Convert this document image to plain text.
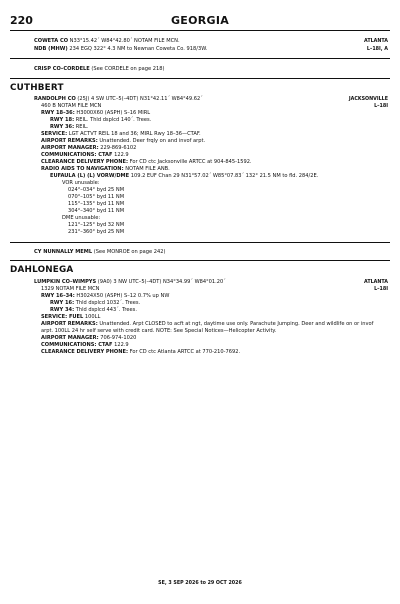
220	GEORGIA
COWETA CO N33°15.42´ W84°42.80´ NOTAM FILE MCN.
NDB (MHW) 234 EGQ 322° 4.3 NM to Newnan Coweta Co. 918/3W.
ATLANTA
L–18I, A
CRISP CO–CORDELE (See CORDELE on page 218)
CUTHBERT
RANDOLPH CO (25J) 4 SW UTC–5(–4DT) N31°42.11´ W84°49.62´	JACKSONVILLE
460 B NOTAM FILE MCN	L–18I
RWY 18–36: H3000X60 (ASPH) S–16 MIRL
RWY 18: REIL. Thld dsplcd 140´. Trees.
RWY 36: REIL.
SERVICE: LGT ACTVT REIL 18 and 36; MIRL Rwy 18–36—CTAF.
AIRPORT REMARKS: Unattended. Deer frqly on and invof arpt.
AIRPORT MANAGER: 229-869-6102
COMMUNICATIONS: CTAF 122.9
CLEARANCE DELIVERY PHONE: For CD ctc Jacksonville ARTCC at 904-845-1592.
RADIO AIDS TO NAVIGATION: NOTAM FILE ANB.
EUFAULA (L) (L) VORW/DME 109.2 EUF Chan 29 N31°57.02´ W85°07.83´ 132° 21.5 NM to fld. 284/2E.
VOR unusable:
024°–034° byd 25 NM
070°–105° byd 11 NM
115°–135° byd 11 NM
304°–340° byd 11 NM
DME unusable:
121°–125° byd 32 NM
231°–360° byd 25 NM
CY NUNNALLY MEML (See MONROE on page 242)
DAHLONEGA
LUMPKIN CO–WIMPYS (9A0) 3 NW UTC–5(–4DT) N34°34.99´ W84°01.20´	ATLANTA
1329 NOTAM FILE MCN	L–18I
RWY 16–34: H3024X50 (ASPH) S–12 0.7% up NW
RWY 16: Thld dsplcd 1032´. Trees.
RWY 34: Thld dsplcd 443´. Trees.
SERVICE: FUEL 100LL
AIRPORT REMARKS: Unattended. Arpt CLOSED to acft at ngt, daytime use only. Parachute Jumping. Deer and wildlife on or invof
arpt. 100LL 24 hr self serve with credit card. NOTE: See Special Notices—Helicopter Activity.
AIRPORT MANAGER: 706-974-1020
COMMUNICATIONS: CTAF 122.9
CLEARANCE DELIVERY PHONE: For CD ctc Atlanta ARTCC at 770-210-7692.
SE, 3 SEP 2026 to 29 OCT 2026
